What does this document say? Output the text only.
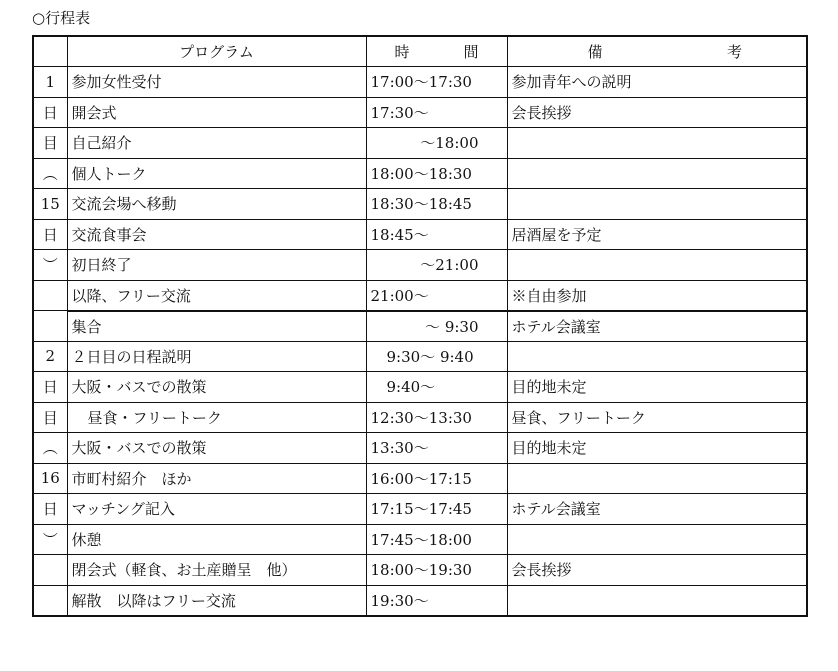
○行程表
	プログラム	時 間	備 考

1	参加女性受付	17:00〜17:30	参加青年への説明
日	開会式	17:30〜	会長挨拶
目	自己紹介	〜18:00	
︵	個人トーク	18:00〜18:30	
15	交流会場へ移動	18:30〜18:45	
日	交流食事会	18:45〜	居酒屋を予定
︶	初日終了	〜21:00	
	以降、フリー交流	21:00〜	※自由参加
	集合	〜 9:30	ホテル会議室
2	２日目の日程説明	9:30〜 9:40	
日	大阪・バスでの散策	9:40〜	目的地未定
目	昼食・フリートーク	12:30〜13:30	昼食、フリートーク
︵	大阪・バスでの散策	13:30〜	目的地未定
16	市町村紹介　ほか	16:00〜17:15	
日	マッチング記入	17:15〜17:45	ホテル会議室
︶	休憩	17:45〜18:00	
	閉会式（軽食、お土産贈呈　他）	18:00〜19:30	会長挨拶
	解散　以降はフリー交流	19:30〜	
